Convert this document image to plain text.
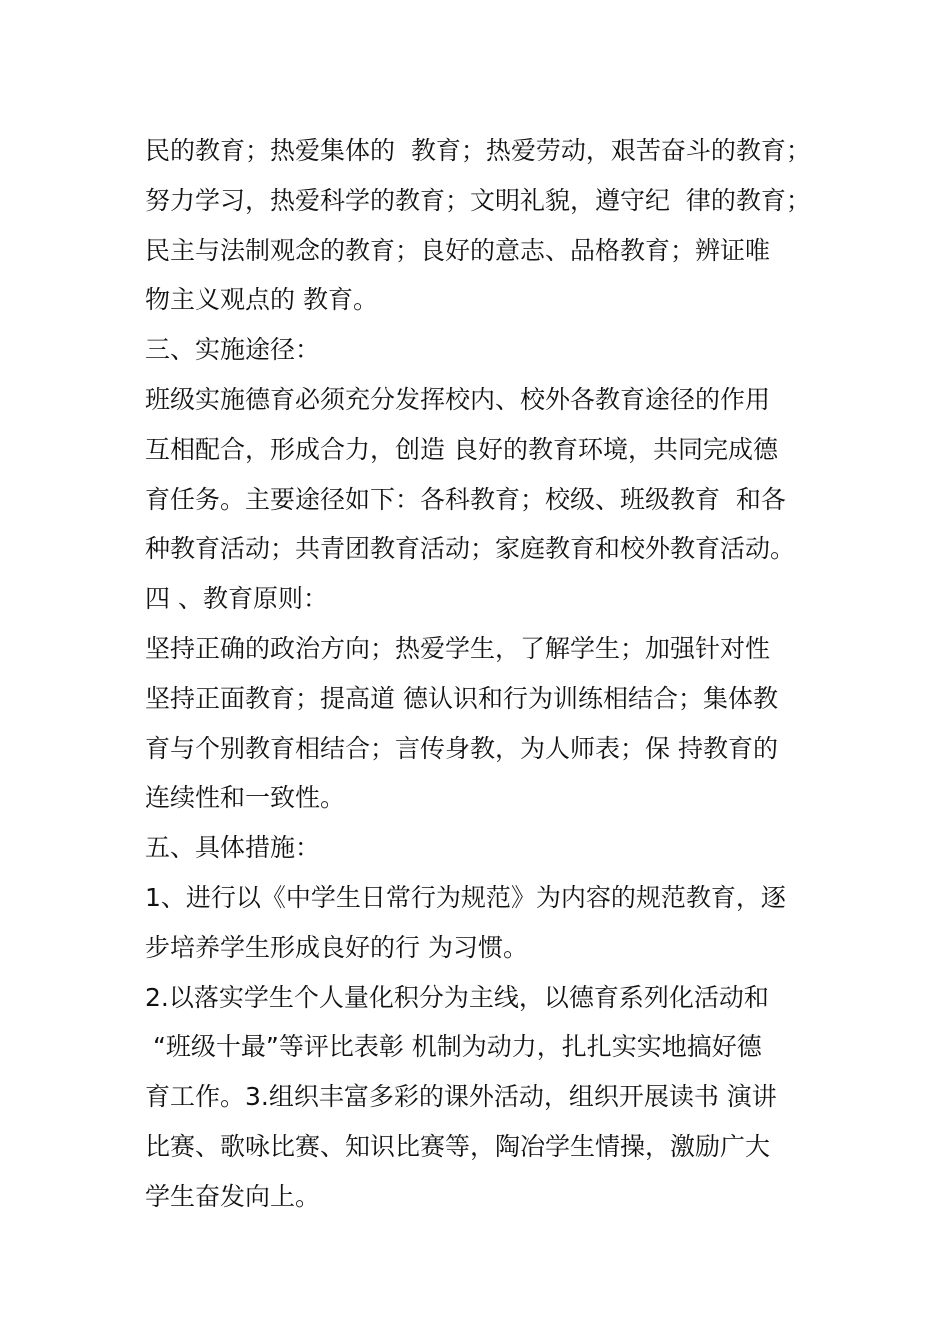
民的教育；热爱集体的  教育；热爱劳动，艰苦奋斗的教育；
努力学习，热爱科学的教育；文明礼貌，遵守纪  律的教育；
民主与法制观念的教育；良好的意志、品格教育；辨证唯
物主义观点的 教育。
三、实施途径：
班级实施德育必须充分发挥校内、校外各教育途径的作用
互相配合，形成合力，创造 良好的教育环境，共同完成德
育任务。主要途径如下：各科教育；校级、班级教育  和各
种教育活动；共青团教育活动；家庭教育和校外教育活动。
四 、教育原则：
坚持正确的政治方向；热爱学生，了解学生；加强针对性
坚持正面教育；提高道 德认识和行为训练相结合；集体教
育与个别教育相结合；言传身教，为人师表；保 持教育的
连续性和一致性。
五、具体措施：
1、进行以《中学生日常行为规范》为内容的规范教育，逐
步培养学生形成良好的行 为习惯。
2.以落实学生个人量化积分为主线，以德育系列化活动和
“班级十最”等评比表彰 机制为动力，扎扎实实地搞好德
育工作。3.组织丰富多彩的课外活动，组织开展读书 演讲
比赛、歌咏比赛、知识比赛等，陶冶学生情操，激励广大
学生奋发向上。
